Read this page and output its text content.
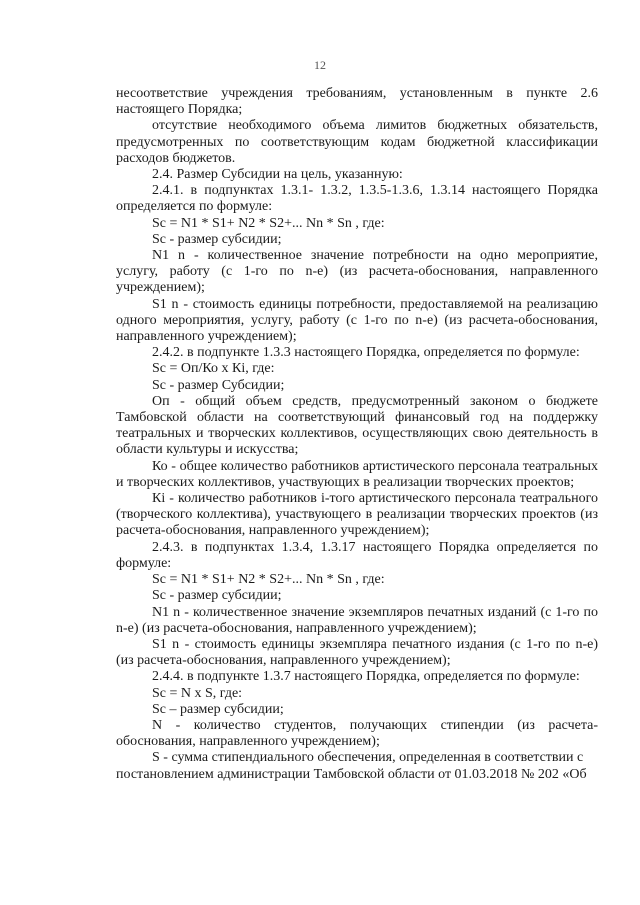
12

несоответствие учреждения требованиям, установленным в пункте 2.6 настоящего Порядка;

отсутствие необходимого объема лимитов бюджетных обязательств, предусмотренных по соответствующим кодам бюджетной классификации расходов бюджетов.

2.4. Размер Субсидии на цель, указанную:

2.4.1. в подпунктах 1.3.1- 1.3.2, 1.3.5-1.3.6, 1.3.14 настоящего Порядка определяется по формуле:

Sс = N1 * S1+ N2 * S2+... Nn * Sn , где:

Sс - размер субсидии;

N1 n - количественное значение потребности на одно мероприятие, услугу, работу (с 1-го по n-е) (из расчета-обоснования, направленного учреждением);

S1 n - стоимость единицы потребности, предоставляемой на реализацию одного мероприятия, услугу, работу (с 1-го по n-е) (из расчета-обоснования, направленного учреждением);

2.4.2. в подпункте 1.3.3 настоящего Порядка, определяется по формуле:

Sс = Оп/Ко x Кi, где:

Sс - размер Субсидии;

Оп - общий объем средств, предусмотренный законом о бюджете Тамбовской области на соответствующий финансовый год на поддержку театральных и творческих коллективов, осуществляющих свою деятельность в области культуры и искусства;

Ко - общее количество работников артистического персонала театральных и творческих коллективов, участвующих в реализации творческих проектов;

Кi - количество работников i-того артистического персонала театрального (творческого коллектива), участвующего в реализации творческих проектов (из расчета-обоснования, направленного учреждением);

2.4.3. в подпунктах 1.3.4, 1.3.17 настоящего Порядка определяется по формуле:

Sс = N1 * S1+ N2 * S2+... Nn * Sn , где:

Sс - размер субсидии;

N1 n - количественное значение экземпляров печатных изданий (с 1-го по n-е) (из расчета-обоснования, направленного учреждением);

S1 n - стоимость единицы экземпляра печатного издания (с 1-го по n-е) (из расчета-обоснования, направленного учреждением);

2.4.4. в подпункте 1.3.7 настоящего Порядка, определяется по формуле:

Sс = N x S, где:

Sс – размер субсидии;

N - количество студентов, получающих стипендии (из расчета-обоснования, направленного учреждением);

S - сумма стипендиального обеспечения, определенная в соответствии с постановлением администрации Тамбовской области от 01.03.2018 № 202 «Об
